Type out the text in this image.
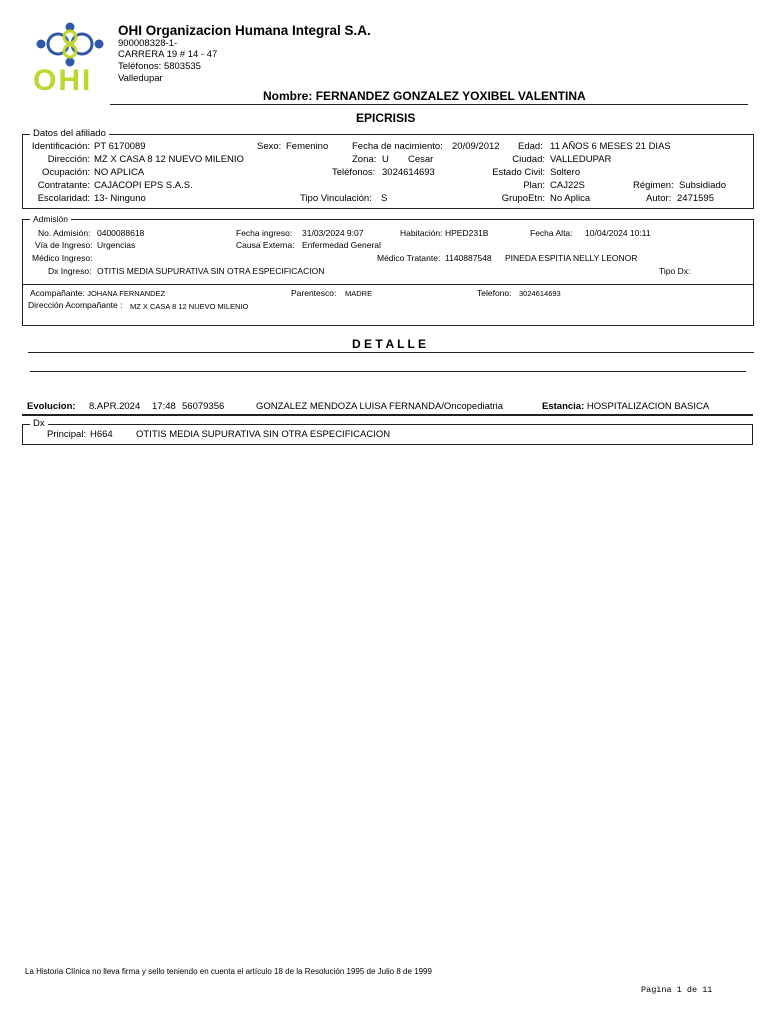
OHI
OHI Organizacion Humana Integral S.A.
900008328-1-
CARRERA 19 # 14 - 47
Teléfonos: 5803535
Valledupar
Nombre: FERNANDEZ GONZALEZ YOXIBEL VALENTINA
EPICRISIS
Datos del afiliado
Identificación: PT 6170089	Sexo: Femenino	Fecha de nacimiento: 20/09/2012 Edad: 11 AÑOS 6 MESES 21 DIAS
Dirección: MZ X CASA 8 12 NUEVO MILENIO	Zona: U Cesar	Ciudad: VALLEDUPAR
Ocupación: NO APLICA	Teléfonos: 3024614693	Estado Civil: Soltero
Contratante: CAJACOPI EPS S.A.S.	Plan: CAJ22S	Régimen: Subsidiado
Escolaridad: 13- Ninguno	Tipo Vinculación: S	GrupoEtn: No Aplica	Autor: 2471595
Admisión
No. Admisión: 0400088618	Fecha ingreso: 31/03/2024 9:07	Habitación: HPED231B	Fecha Alta: 10/04/2024 10:11
Vía de Ingreso: Urgencias	Causa Externa: Enfermedad General
Médico Ingreso:	Médico Tratante: 1140887548 PINEDA ESPITIA NELLY LEONOR
Dx Ingreso: OTITIS MEDIA SUPURATIVA SIN OTRA ESPECIFICACION	Tipo Dx:
Acompañante: JOHANA FERNANDEZ	Parentesco: MADRE	Telefono: 3024614693
Dirección Acompañante : MZ X CASA 8 12 NUEVO MILENIO
D E T A L L E
Evolucion: 8.APR.2024 17:48 56079356	GONZALEZ MENDOZA LUISA FERNANDA/Oncopediatria	Estancia: HOSPITALIZACION BASICA
Dx
Principal: H664 OTITIS MEDIA SUPURATIVA SIN OTRA ESPECIFICACION
La Historia Clínica no lleva firma y sello teniendo en cuenta el artículo 18 de la Resolución 1995 de Julio 8 de 1999
Pagina 1 de 11
